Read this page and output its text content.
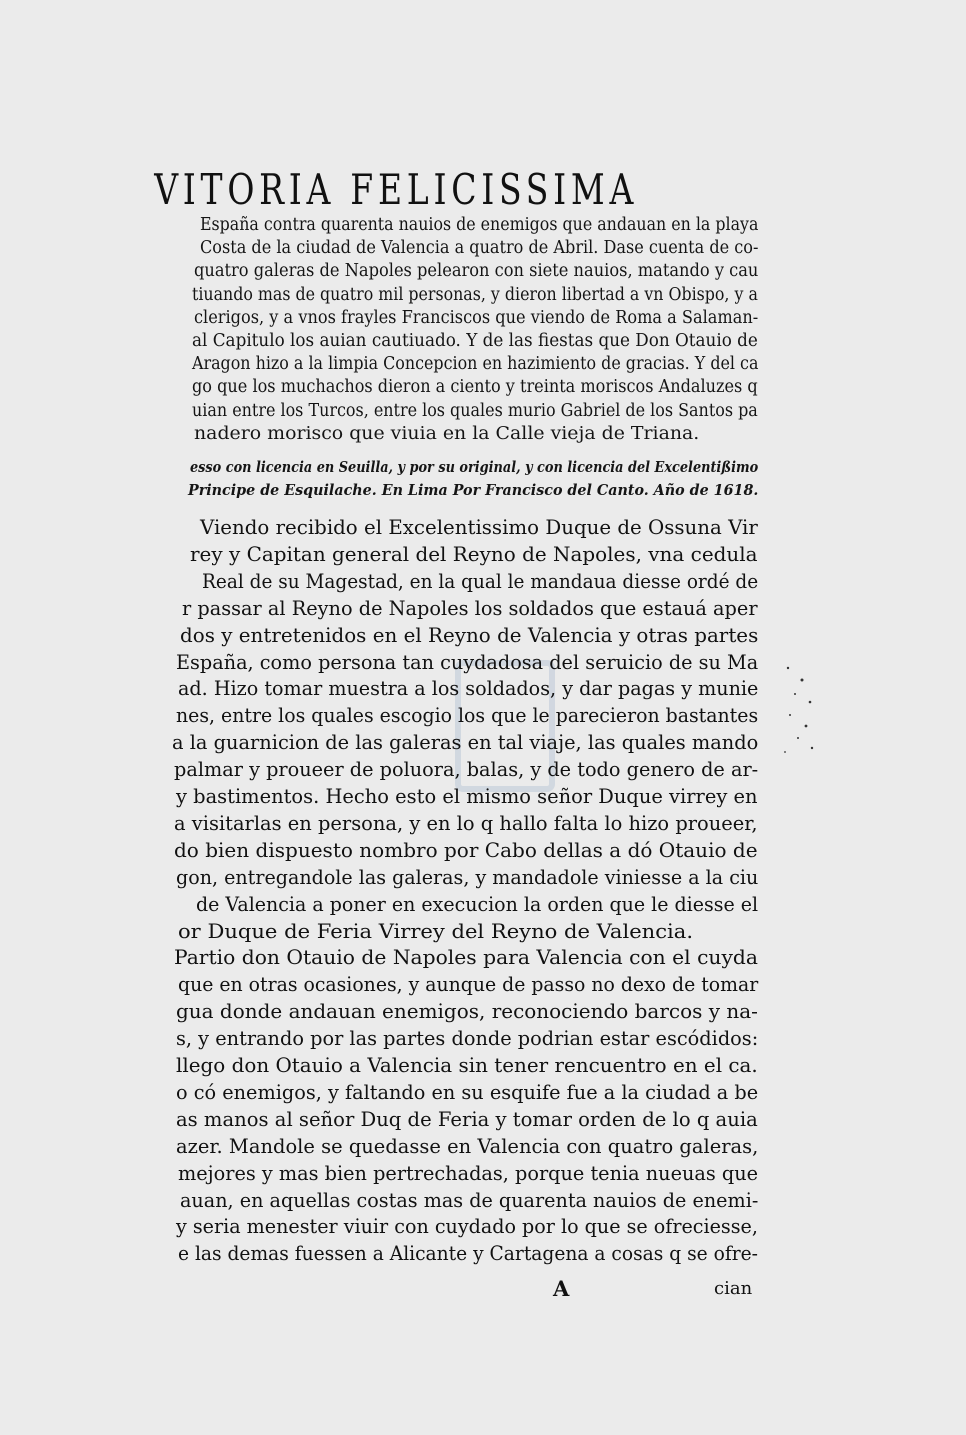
VITORIA FELICISSIMA
España contra quarenta nauios de enemigos que andauan en la playa
Costa de la ciudad de Valencia a quatro de Abril. Dase cuenta de co-
quatro galeras de Napoles pelearon con siete nauios, matando y cau
tiuando mas de quatro mil personas, y dieron libertad a vn Obispo, y a
clerigos, y a vnos frayles Franciscos que viendo de Roma a Salaman-
al Capitulo los auian cautiuado. Y de las fiestas que Don Otauio de
Aragon hizo a la limpia Concepcion en hazimiento de gracias. Y del ca
go que los muchachos dieron a ciento y treinta moriscos Andaluzes q
uian entre los Turcos, entre los quales murio Gabriel de los Santos pa
nadero morisco que viuia en la Calle vieja de Triana.
esso con licencia en Seuilla, y por su original, y con licencia del Excelentißimo
Principe de Esquilache. En Lima Por Francisco del Canto. Año de 1618.
Viendo recibido el Excelentissimo Duque de Ossuna Vir
rey y Capitan general del Reyno de Napoles, vna cedula
Real de su Magestad, en la qual le mandaua diesse ordé de
r passar al Reyno de Napoles los soldados que estauá aper
dos y entretenidos en el Reyno de Valencia y otras partes
España, como persona tan cuydadosa del seruicio de su Ma
ad. Hizo tomar muestra a los soldados, y dar pagas y munie
nes, entre los quales escogio los que le parecieron bastantes
a la guarnicion de las galeras en tal viaje, las quales mando
palmar y proueer de poluora, balas, y de todo genero de ar-
y bastimentos. Hecho esto el mismo señor Duque virrey en
a visitarlas en persona, y en lo q hallo falta lo hizo proueer,
do bien dispuesto nombro por Cabo dellas a dó Otauio de
gon, entregandole las galeras, y mandadole viniesse a la ciu
de Valencia a poner en execucion la orden que le diesse el
or Duque de Feria Virrey del Reyno de Valencia.
Partio don Otauio de Napoles para Valencia con el cuyda
que en otras ocasiones, y aunque de passo no dexo de tomar
gua donde andauan enemigos, reconociendo barcos y na-
s, y entrando por las partes donde podrian estar escódidos:
llego don Otauio a Valencia sin tener rencuentro en el ca.
o có enemigos, y faltando en su esquife fue a la ciudad a be
as manos al señor Duq de Feria y tomar orden de lo q auia
azer. Mandole se quedasse en Valencia con quatro galeras,
mejores y mas bien pertrechadas, porque tenia nueuas que
auan, en aquellas costas mas de quarenta nauios de enemi-
y seria menester viuir con cuydado por lo que se ofreciesse,
e las demas fuessen a Alicante y Cartagena a cosas q se ofre-
A	cian
